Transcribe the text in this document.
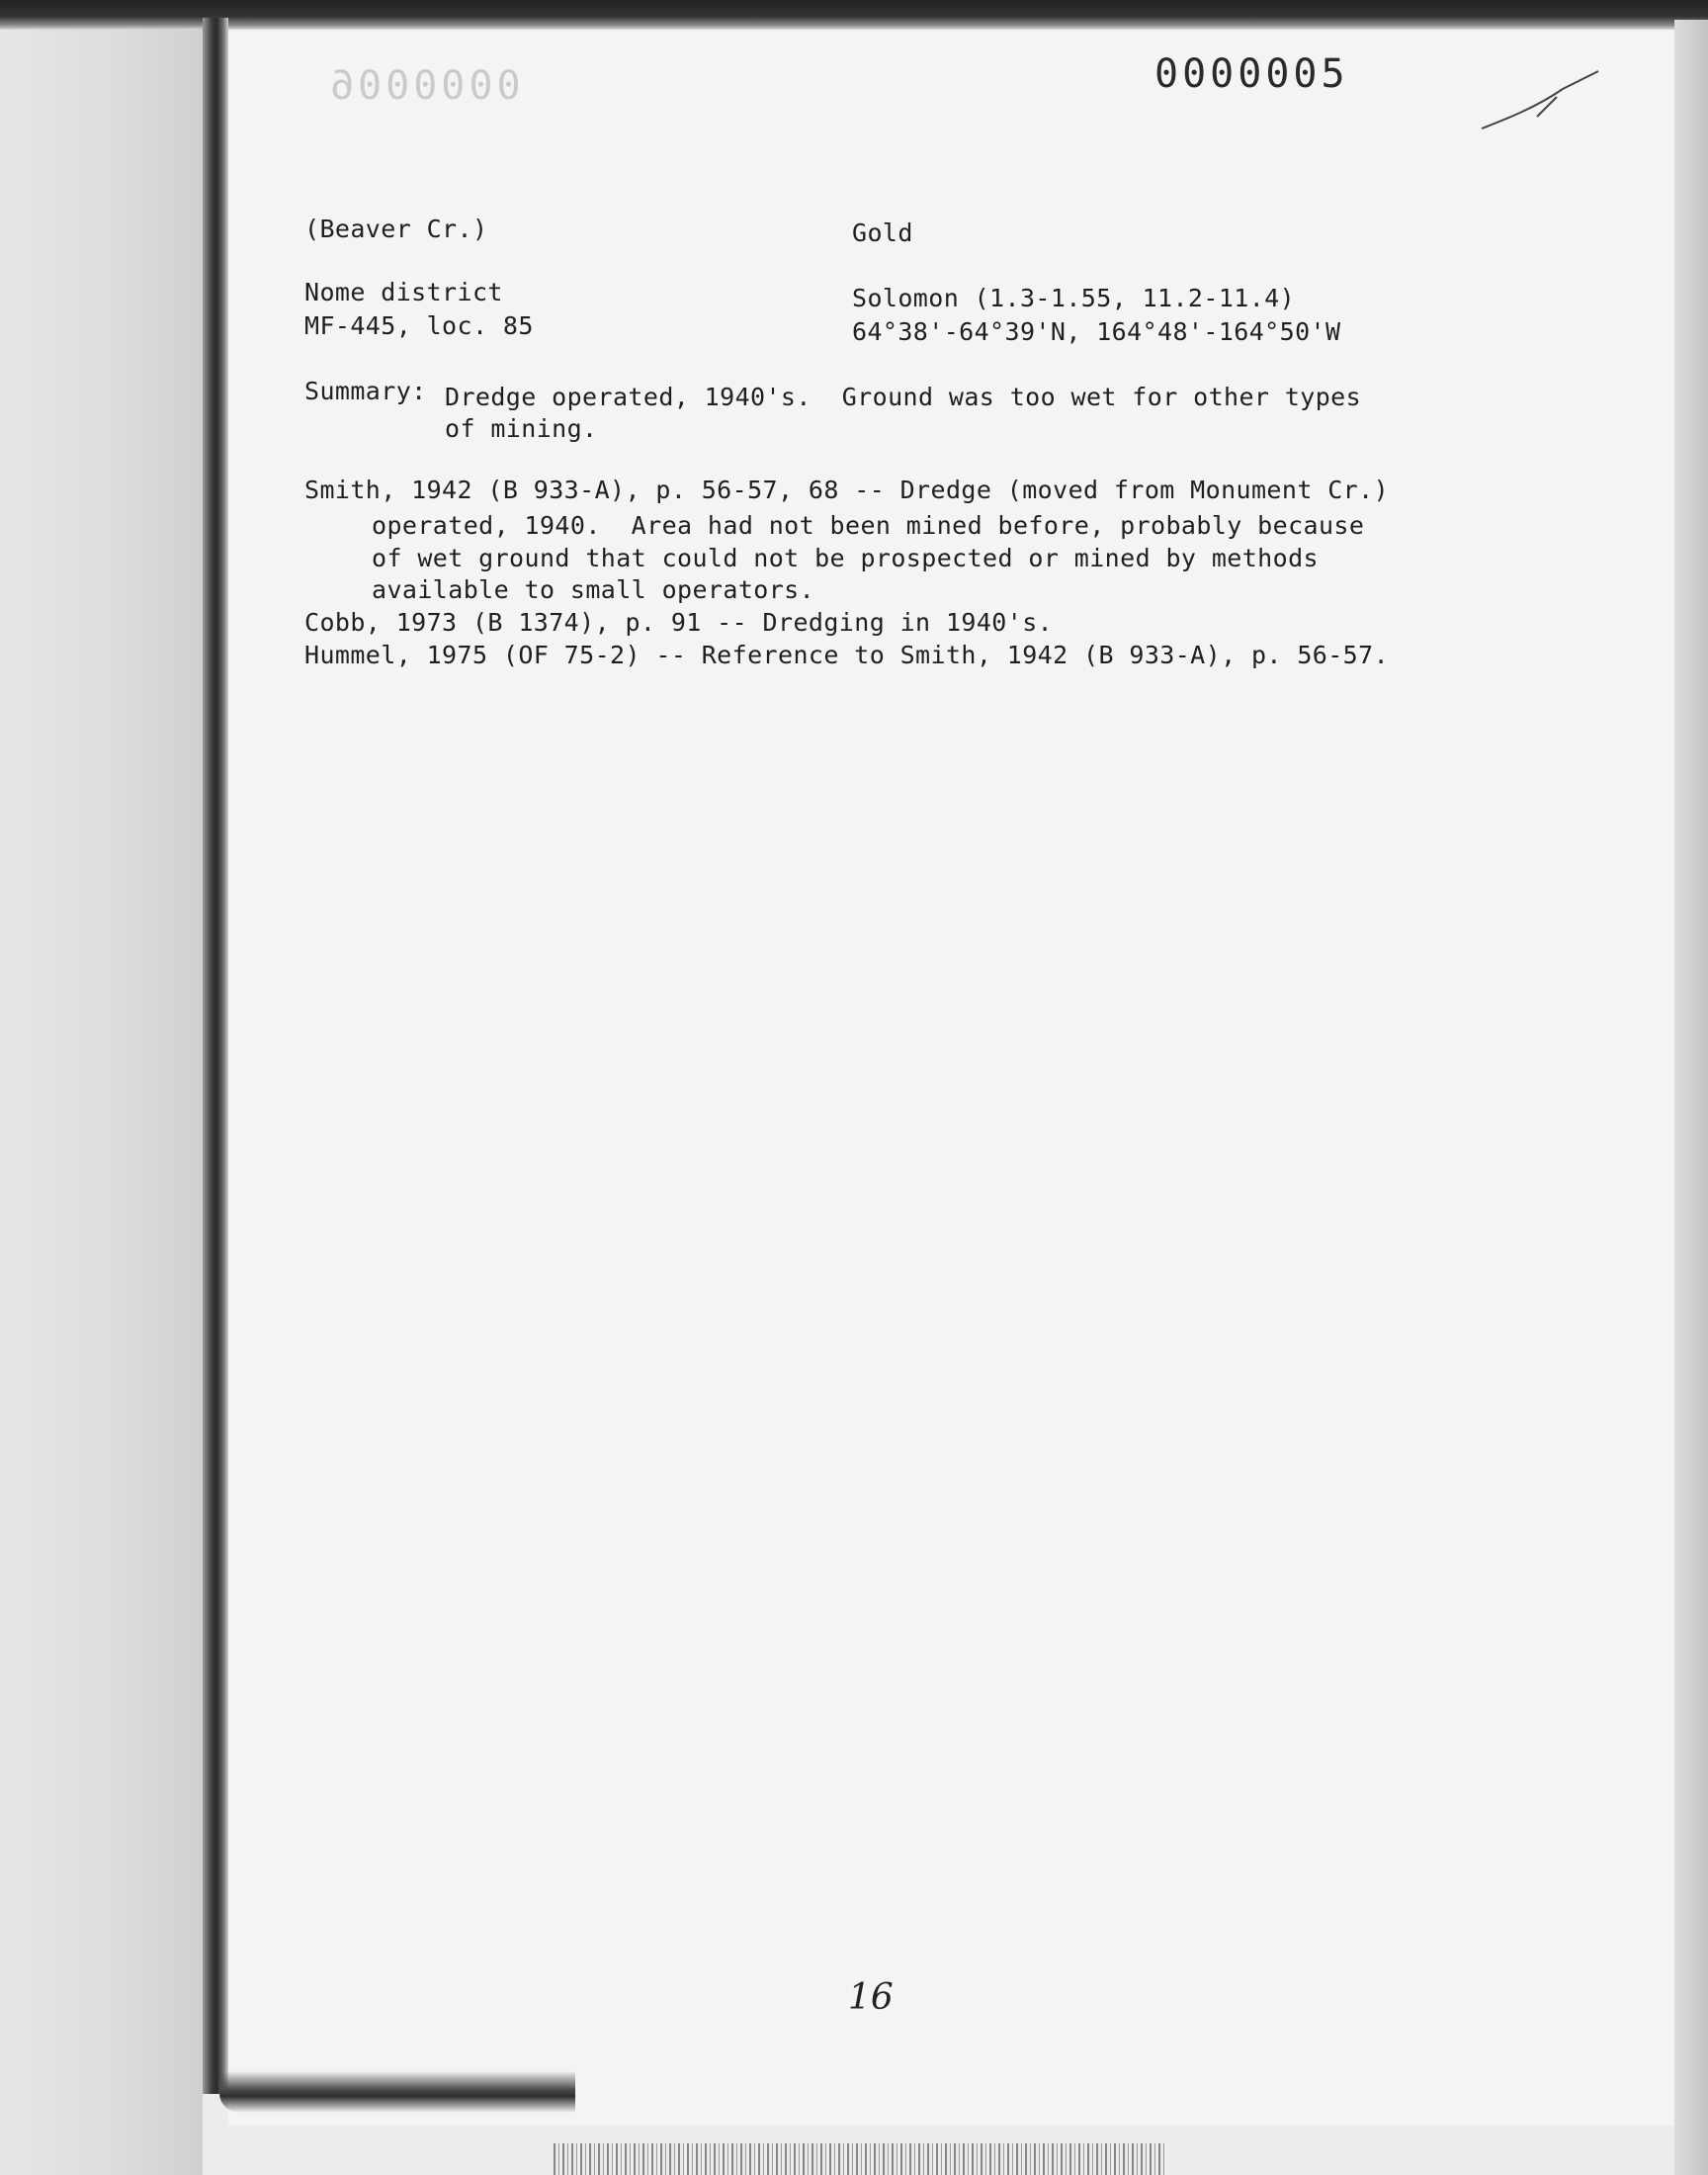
0000006	0000005
(Beaver Cr.)	Gold
Nome district
MF-445, loc. 85
Solomon (1.3-1.55, 11.2-11.4)
64°38'-64°39'N, 164°48'-164°50'W
Summary: Dredge operated, 1940's.  Ground was too wet for other types
of mining.
Smith, 1942 (B 933-A), p. 56-57, 68 -- Dredge (moved from Monument Cr.)
operated, 1940.  Area had not been mined before, probably because
of wet ground that could not be prospected or mined by methods
available to small operators.
Cobb, 1973 (B 1374), p. 91 -- Dredging in 1940's.
Hummel, 1975 (OF 75-2) -- Reference to Smith, 1942 (B 933-A), p. 56-57.
16
